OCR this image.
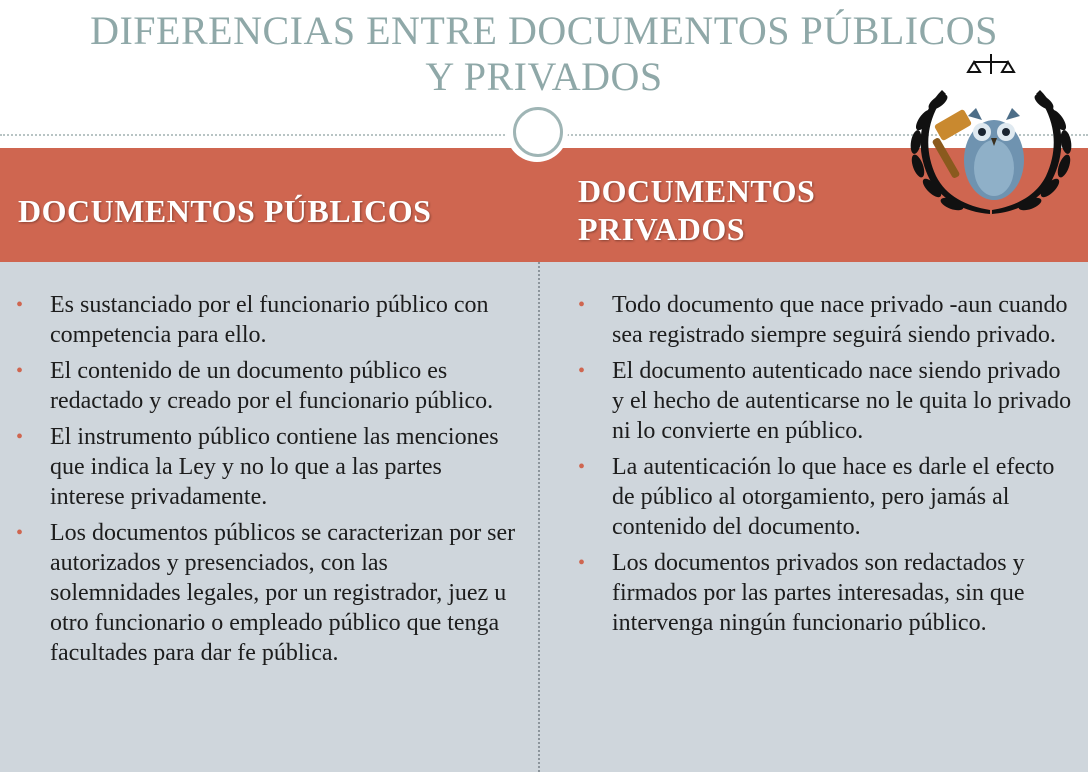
DIFERENCIAS ENTRE DOCUMENTOS PÚBLICOS
Y PRIVADOS
DOCUMENTOS PÚBLICOS
DOCUMENTOS
PRIVADOS
• Es sustanciado por el funcionario público con competencia para ello.
• El contenido de un documento público es redactado y creado por el funcionario público.
• El instrumento público contiene las menciones que indica la Ley y no lo que a las partes interese privadamente.
• Los documentos públicos se caracterizan por ser autorizados y presenciados, con las solemnidades legales, por un registrador, juez u otro funcionario o empleado público que tenga facultades para dar fe pública.
• Todo documento que nace privado -aun cuando sea registrado siempre seguirá siendo privado.
• El documento autenticado nace siendo privado y el hecho de autenticarse no le quita lo privado ni lo convierte en público.
• La autenticación lo que hace es darle el efecto de público al otorgamiento, pero jamás al contenido del documento.
• Los documentos privados son redactados y firmados por las partes interesadas, sin que intervenga ningún funcionario público.
